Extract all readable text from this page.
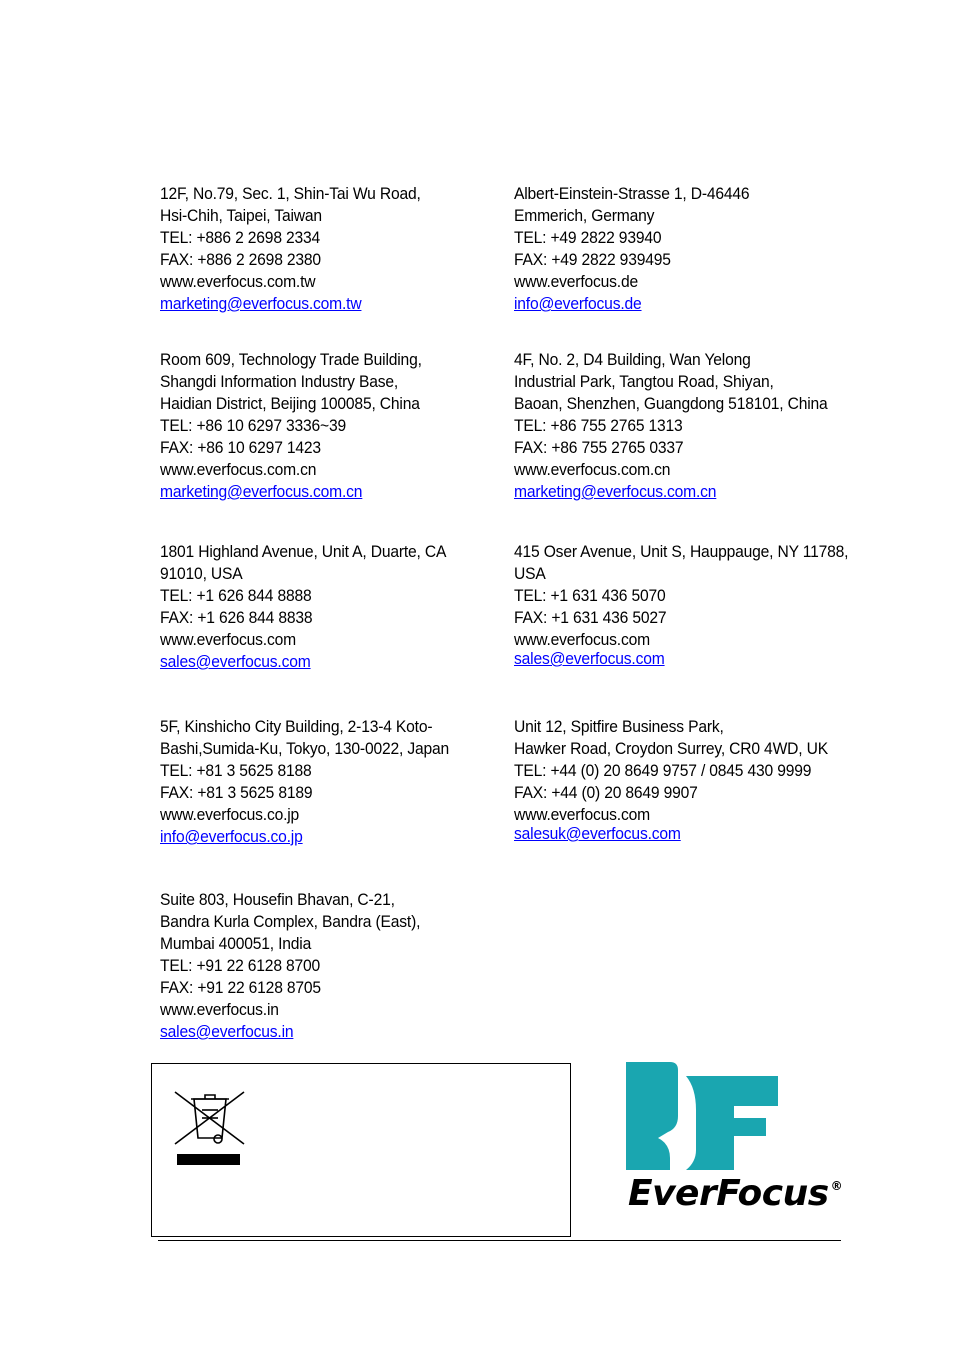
12F, No.79, Sec. 1, Shin-Tai Wu Road,
Hsi-Chih, Taipei, Taiwan
TEL: +886 2 2698 2334
FAX: +886 2 2698 2380
www.everfocus.com.tw
marketing@everfocus.com.tw
Albert-Einstein-Strasse 1, D-46446
Emmerich, Germany
TEL: +49 2822 93940
FAX: +49 2822 939495
www.everfocus.de
info@everfocus.de
Room 609, Technology Trade Building,
Shangdi Information Industry Base,
Haidian District, Beijing 100085, China
TEL: +86 10 6297 3336~39
FAX: +86 10 6297 1423
www.everfocus.com.cn
marketing@everfocus.com.cn
4F, No. 2, D4 Building, Wan Yelong
Industrial Park, Tangtou Road, Shiyan,
Baoan, Shenzhen, Guangdong 518101, China
TEL: +86 755 2765 1313
FAX: +86 755 2765 0337
www.everfocus.com.cn
marketing@everfocus.com.cn
1801 Highland Avenue, Unit A, Duarte, CA
91010, USA
TEL: +1 626 844 8888
FAX: +1 626 844 8838
www.everfocus.com
sales@everfocus.com
415 Oser Avenue, Unit S, Hauppauge, NY 11788,
USA
TEL: +1 631 436 5070
FAX: +1 631 436 5027
www.everfocus.com
sales@everfocus.com
5F, Kinshicho City Building, 2-13-4 Koto-
Bashi,Sumida-Ku, Tokyo, 130-0022, Japan
TEL: +81 3 5625 8188
FAX: +81 3 5625 8189
www.everfocus.co.jp
info@everfocus.co.jp
Unit 12, Spitfire Business Park,
Hawker Road, Croydon Surrey, CR0 4WD, UK
TEL: +44 (0) 20 8649 9757 / 0845 430 9999
FAX: +44 (0) 20 8649 9907
www.everfocus.com
salesuk@everfocus.com
Suite 803, Housefin Bhavan, C-21,
Bandra Kurla Complex, Bandra (East),
Mumbai 400051, India
TEL: +91 22 6128 8700
FAX: +91 22 6128 8705
www.everfocus.in
sales@everfocus.in
EverFocus ®
